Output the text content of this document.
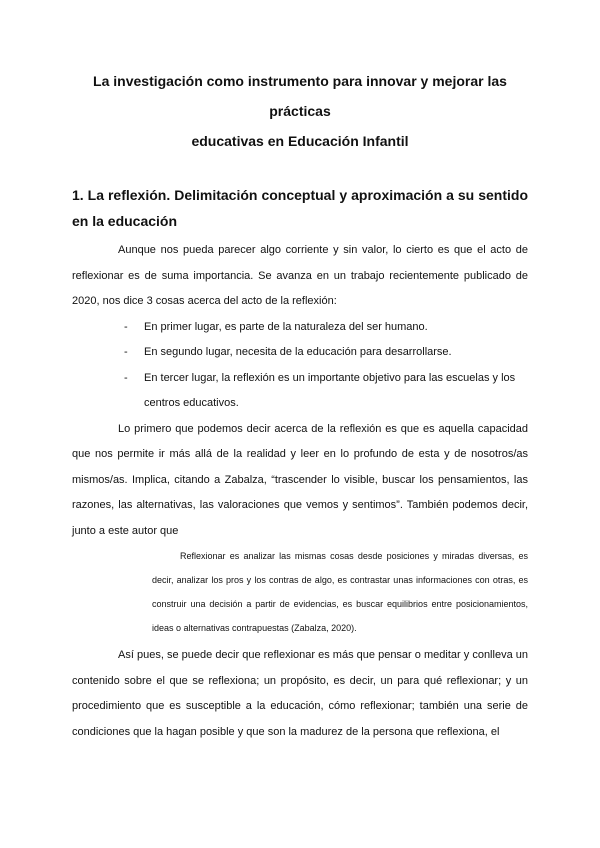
La investigación como instrumento para innovar y mejorar las prácticas
educativas en Educación Infantil
1. La reflexión. Delimitación conceptual y aproximación a su sentido en la educación

Aunque nos pueda parecer algo corriente y sin valor, lo cierto es que el acto de reflexionar es de suma importancia. Se avanza en un trabajo recientemente publicado de 2020, nos dice 3 cosas acerca del acto de la reflexión:

- En primer lugar, es parte de la naturaleza del ser humano.
- En segundo lugar, necesita de la educación para desarrollarse.
- En tercer lugar, la reflexión es un importante objetivo para las escuelas y los centros educativos.

Lo primero que podemos decir acerca de la reflexión es que es aquella capacidad que nos permite ir más allá de la realidad y leer en lo profundo de esta y de nosotros/as mismos/as. Implica, citando a Zabalza, “trascender lo visible, buscar los pensamientos, las razones, las alternativas, las valoraciones que vemos y sentimos”. También podemos decir, junto a este autor que

Reflexionar es analizar las mismas cosas desde posiciones y miradas diversas, es decir, analizar los pros y los contras de algo, es contrastar unas informaciones con otras, es construir una decisión a partir de evidencias, es buscar equilibrios entre posicionamientos, ideas o alternativas contrapuestas (Zabalza, 2020).

Así pues, se puede decir que reflexionar es más que pensar o meditar y conlleva un contenido sobre el que se reflexiona; un propósito, es decir, un para qué reflexionar; y un procedimiento que es susceptible a la educación, cómo reflexionar; también una serie de condiciones que la hagan posible y que son la madurez de la persona que reflexiona, el
